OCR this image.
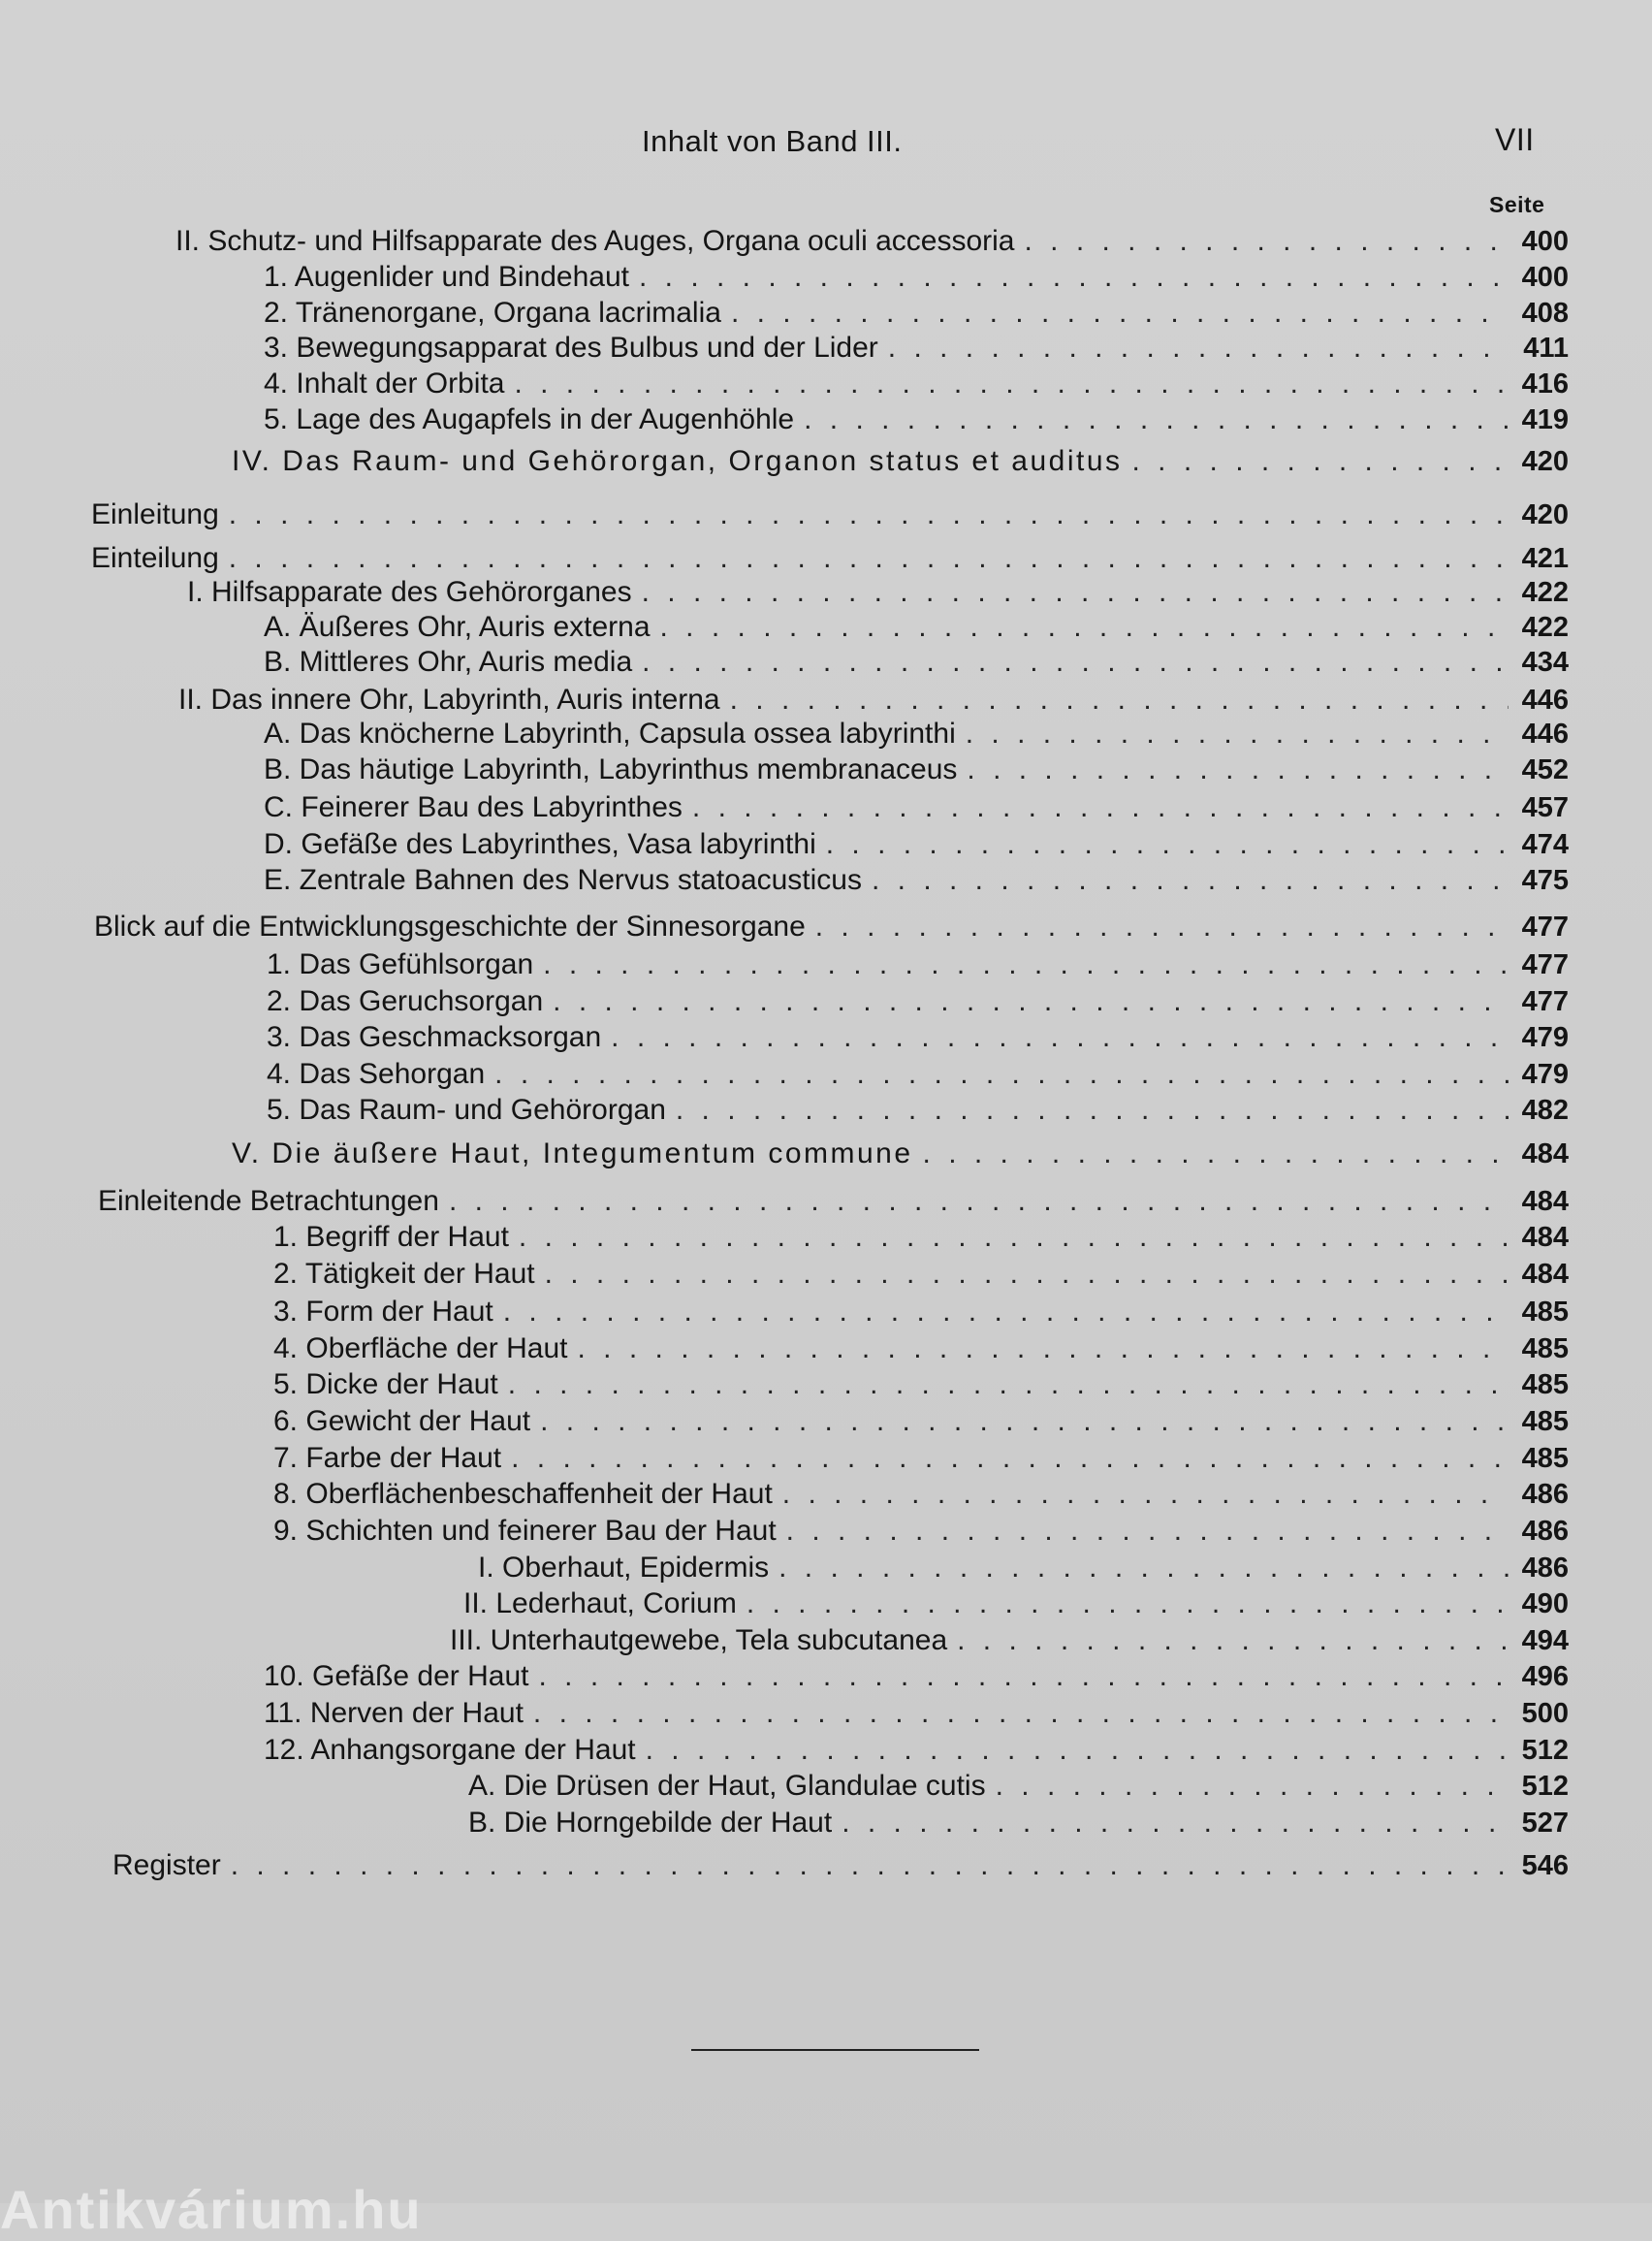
Inhalt von Band III.	VII
Seite
II. Schutz- und Hilfsapparate des Auges, Organa oculi accessoria . . .	400
1. Augenlider und Bindehaut . . .	400
2. Tränenorgane, Organa lacrimalia . . .	408
3. Bewegungsapparat des Bulbus und der Lider . . .	411
4. Inhalt der Orbita . . .	416
5. Lage des Augapfels in der Augenhöhle . . .	419
IV. Das Raum- und Gehörorgan, Organon status et auditus . . .	420
Einleitung . . .	420
Einteilung . . .	421
I. Hilfsapparate des Gehörorganes . . .	422
A. Äußeres Ohr, Auris externa . . .	422
B. Mittleres Ohr, Auris media . . .	434
II. Das innere Ohr, Labyrinth, Auris interna . . .	446
A. Das knöcherne Labyrinth, Capsula ossea labyrinthi . . .	446
B. Das häutige Labyrinth, Labyrinthus membranaceus . . .	452
C. Feinerer Bau des Labyrinthes . . .	457
D. Gefäße des Labyrinthes, Vasa labyrinthi . . .	474
E. Zentrale Bahnen des Nervus statoacusticus . . .	475
Blick auf die Entwicklungsgeschichte der Sinnesorgane . . .	477
1. Das Gefühlsorgan . . .	477
2. Das Geruchsorgan . . .	477
3. Das Geschmacksorgan . . .	479
4. Das Sehorgan . . .	479
5. Das Raum- und Gehörorgan . . .	482
V. Die äußere Haut, Integumentum commune . . .	484
Einleitende Betrachtungen . . .	484
1. Begriff der Haut . . .	484
2. Tätigkeit der Haut . . .	484
3. Form der Haut . . .	485
4. Oberfläche der Haut . . .	485
5. Dicke der Haut . . .	485
6. Gewicht der Haut . . .	485
7. Farbe der Haut . . .	485
8. Oberflächenbeschaffenheit der Haut . . .	486
9. Schichten und feinerer Bau der Haut . . .	486
I. Oberhaut, Epidermis . . .	486
II. Lederhaut, Corium . . .	490
III. Unterhautgewebe, Tela subcutanea . . .	494
10. Gefäße der Haut . . .	496
11. Nerven der Haut . . .	500
12. Anhangsorgane der Haut . . .	512
A. Die Drüsen der Haut, Glandulae cutis . . .	512
B. Die Horngebilde der Haut . . .	527
Register . . .	546
Antikvárium.hu
